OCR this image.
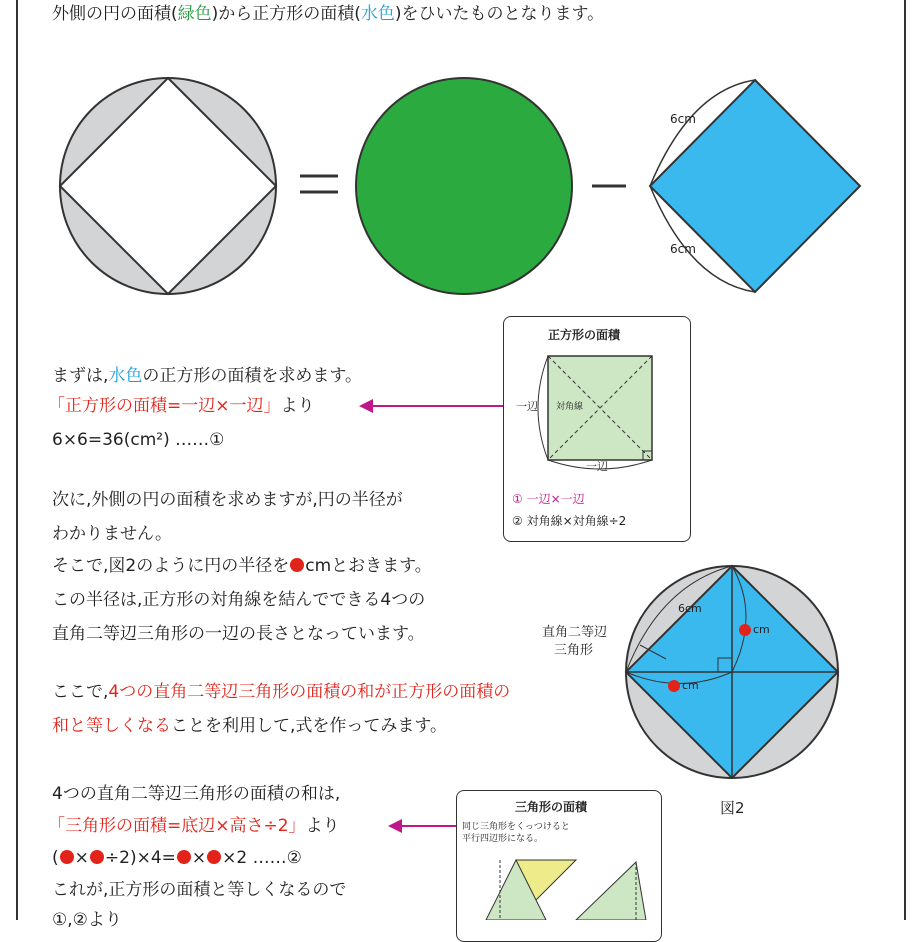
外側の円の面積(緑色)から正方形の面積(水色)をひいたものとなります。
6cm
6cm
正方形の面積
一辺
一辺
対角線
① 一辺×一辺
② 対角線×対角線÷2
まずは,水色の正方形の面積を求めます。
「正方形の面積=一辺×一辺」より
6×6=36(cm²) ……①
次に,外側の円の面積を求めますが,円の半径が
わかりません。
そこで,図2のように円の半径を cmとおきます。
この半径は,正方形の対角線を結んでできる4つの
直角二等辺三角形の一辺の長さとなっています。
ここで,4つの直角二等辺三角形の面積の和が正方形の面積の
和と等しくなることを利用して,式を作ってみます。
4つの直角二等辺三角形の面積の和は,
「三角形の面積=底辺×高さ÷2」より
( × ÷2)×4= × ×2 ……②
これが,正方形の面積と等しくなるので
①,②より
直角二等辺
三角形
6cm
cm
cm
図2
三角形の面積
同じ三角形をくっつけると
平行四辺形になる。
